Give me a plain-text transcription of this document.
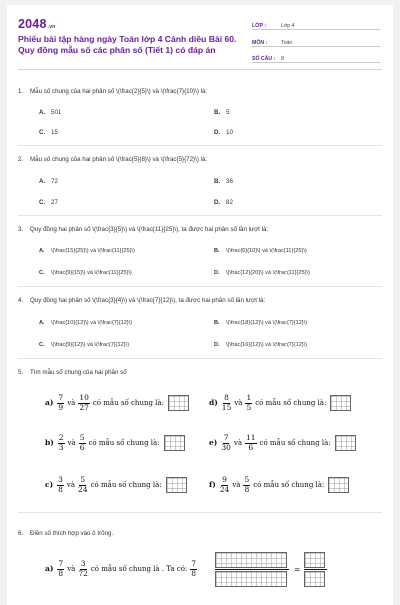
2048.vn
Phiếu bài tập hàng ngày Toán lớp 4 Cánh diều Bài 60. Quy đồng mẫu số các phân số (Tiết 1) có đáp án
LỚP :	Lớp 4
MÔN :	Toán
SỐ CÂU :	8
1.	Mẫu số chung của hai phân số \(\frac{2}{5}\) và \(\frac{7}{10}\) là:
A. 501	B. 5
C. 15	D. 10
2.	Mẫu số chung của hai phân số \(\frac{5}{8}\) và \(\frac{5}{72}\) là:
A. 72	B. 36
C. 27	D. 82
3.	Quy đồng hai phân số \(\frac{3}{5}\) và \(\frac{11}{25}\), ta được hai phân số lần lượt là:
A. \(\frac{15}{25}\) và \(\frac{11}{25}\)	B. \(\frac{6}{10}\) và \(\frac{11}{25}\)
C. \(\frac{9}{15}\) và \(\frac{11}{25}\)	D. \(\frac{12}{20}\) và \(\frac{11}{25}\)
4.	Quy đồng hai phân số \(\frac{3}{4}\) và \(\frac{7}{12}\), ta được hai phân số lần lượt là:
A. \(\frac{10}{12}\) và \(\frac{7}{12}\)	B. \(\frac{18}{12}\) và \(\frac{7}{12}\)
C. \(\frac{9}{12}\) và \(\frac{7}{12}\)	D. \(\frac{16}{12}\) và \(\frac{7}{12}\)
5.	Tìm mẫu số chung của hai phân số
$a) \frac{7}{9}$ và $\frac{10}{27}$ có mẫu số chung là:	$d) \frac{8}{15}$ và $\frac{1}{5}$ có mẫu số chung là:
$b) \frac{2}{3}$ và $\frac{5}{6}$ có mẫu số chung là:	$e) \frac{7}{30}$ và $\frac{11}{6}$ có mẫu số chung là:
$c) \frac{3}{8}$ và $\frac{5}{24}$ có mẫu số chung là:	$f) \frac{9}{24}$ và $\frac{5}{8}$ có mẫu số chung là:
6.	Điền số thích hợp vào ô trống.
$a) \frac{7}{8}$ và $\frac{3}{72}$ có mẫu số chung là . Ta có: $\frac{7}{8}$	=
